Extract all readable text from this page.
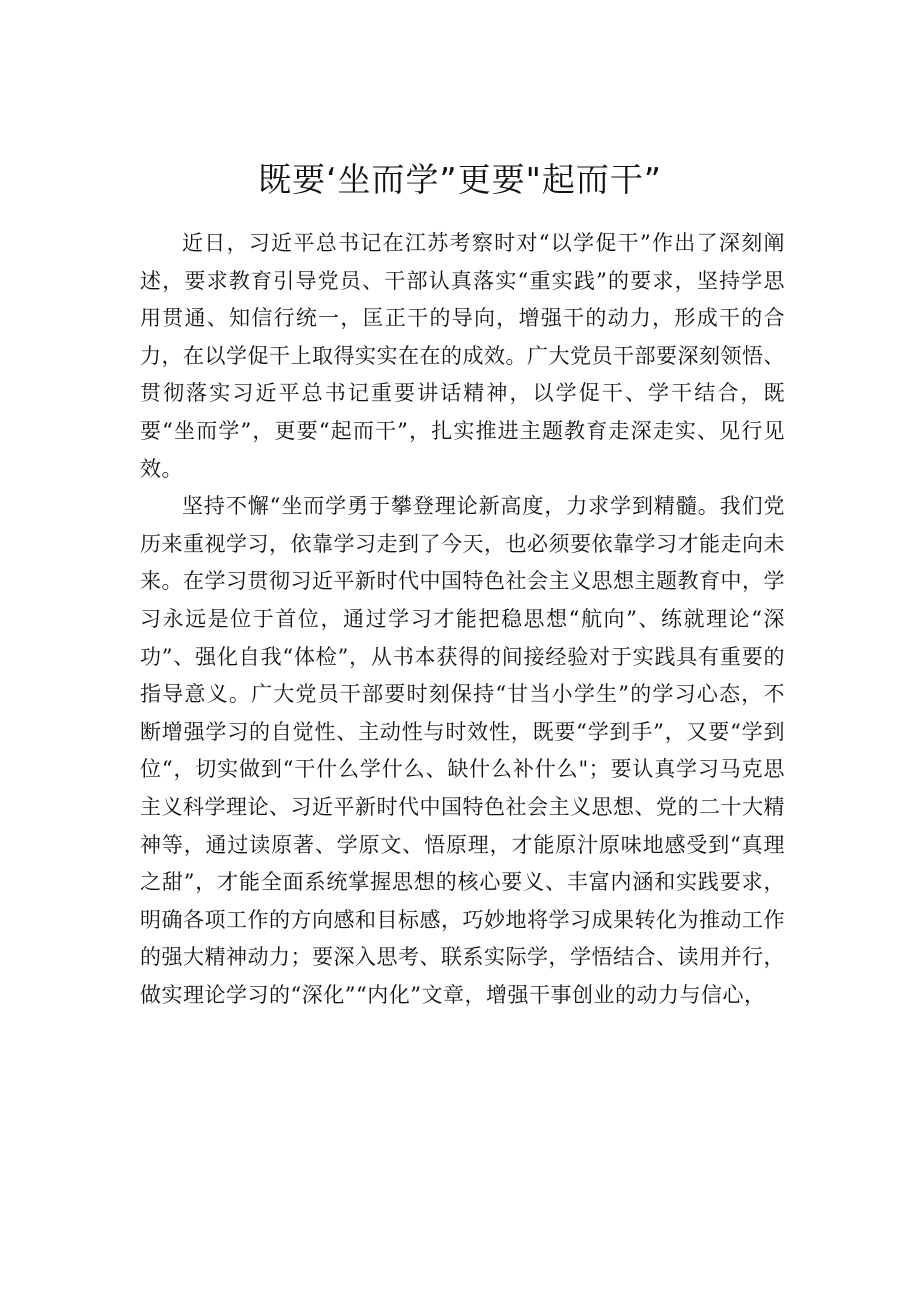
既要‘坐而学”更要"起而干”

近日，习近平总书记在江苏考察时对“以学促干”作出了深刻阐述，要求教育引导党员、干部认真落实“重实践”的要求，坚持学思用贯通、知信行统一，匡正干的导向，增强干的动力，形成干的合力，在以学促干上取得实实在在的成效。广大党员干部要深刻领悟、贯彻落实习近平总书记重要讲话精神，以学促干、学干结合，既要“坐而学”，更要“起而干”，扎实推进主题教育走深走实、见行见效。

坚持不懈“坐而学勇于攀登理论新高度，力求学到精髓。我们党历来重视学习，依靠学习走到了今天，也必须要依靠学习才能走向未来。在学习贯彻习近平新时代中国特色社会主义思想主题教育中，学习永远是位于首位，通过学习才能把稳思想“航向”、练就理论“深功”、强化自我“体检”，从书本获得的间接经验对于实践具有重要的指导意义。广大党员干部要时刻保持“甘当小学生”的学习心态，不断增强学习的自觉性、主动性与时效性，既要“学到手”，又要“学到位“，切实做到“干什么学什么、缺什么补什么"；要认真学习马克思主义科学理论、习近平新时代中国特色社会主义思想、党的二十大精神等，通过读原著、学原文、悟原理，才能原汁原味地感受到“真理之甜”，才能全面系统掌握思想的核心要义、丰富内涵和实践要求，明确各项工作的方向感和目标感，巧妙地将学习成果转化为推动工作的强大精神动力；要深入思考、联系实际学，学悟结合、读用并行，做实理论学习的“深化”“内化”文章，增强干事创业的动力与信心，
